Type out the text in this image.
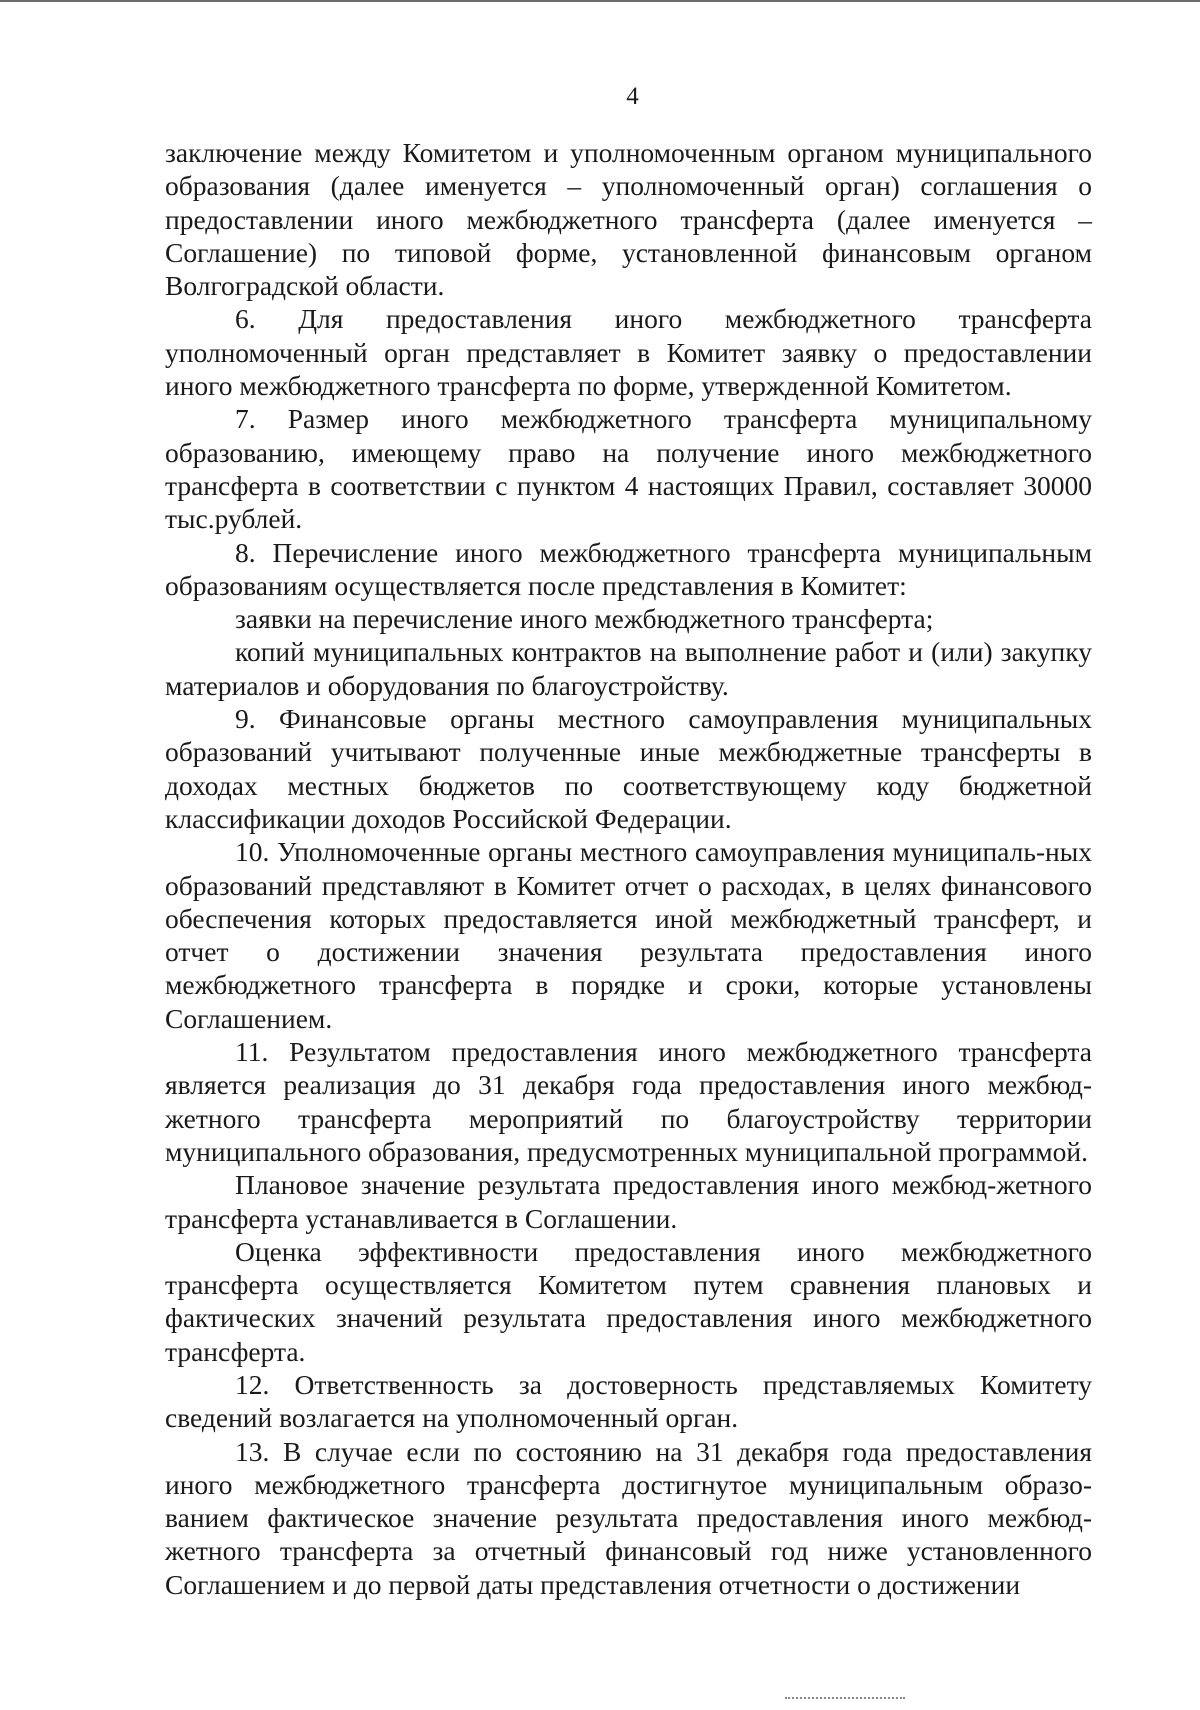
4

заключение между Комитетом и уполномоченным органом муниципального образования (далее именуется – уполномоченный орган) соглашения о предоставлении иного межбюджетного трансферта (далее именуется – Соглашение) по типовой форме, установленной финансовым органом Волгоградской области.

6. Для предоставления иного межбюджетного трансферта уполномоченный орган представляет в Комитет заявку о предоставлении иного межбюджетного трансферта по форме, утвержденной Комитетом.

7. Размер иного межбюджетного трансферта муниципальному образованию, имеющему право на получение иного межбюджетного трансферта в соответствии с пунктом 4 настоящих Правил, составляет 30000 тыс.рублей.

8. Перечисление иного межбюджетного трансферта муниципальным образованиям осуществляется после представления в Комитет:

заявки на перечисление иного межбюджетного трансферта;

копий муниципальных контрактов на выполнение работ и (или) закупку материалов и оборудования по благоустройству.

9. Финансовые органы местного самоуправления муниципальных образований учитывают полученные иные межбюджетные трансферты в доходах местных бюджетов по соответствующему коду бюджетной классификации доходов Российской Федерации.

10. Уполномоченные органы местного самоуправления муниципаль-ных образований представляют в Комитет отчет о расходах, в целях финансового обеспечения которых предоставляется иной межбюджетный трансферт, и отчет о достижении значения результата предоставления иного межбюджетного трансферта в порядке и сроки, которые установлены Соглашением.

11. Результатом предоставления иного межбюджетного трансферта является реализация до 31 декабря года предоставления иного межбюд-жетного трансферта мероприятий по благоустройству территории муниципального образования, предусмотренных муниципальной программой.

Плановое значение результата предоставления иного межбюд-жетного трансферта устанавливается в Соглашении.

Оценка эффективности предоставления иного межбюджетного трансферта осуществляется Комитетом путем сравнения плановых и фактических значений результата предоставления иного межбюджетного трансферта.

12. Ответственность за достоверность представляемых Комитету сведений возлагается на уполномоченный орган.

13. В случае если по состоянию на 31 декабря года предоставления иного межбюджетного трансферта достигнутое муниципальным образо-ванием фактическое значение результата предоставления иного межбюд-жетного трансферта за отчетный финансовый год ниже установленного Соглашением и до первой даты представления отчетности о достижении
